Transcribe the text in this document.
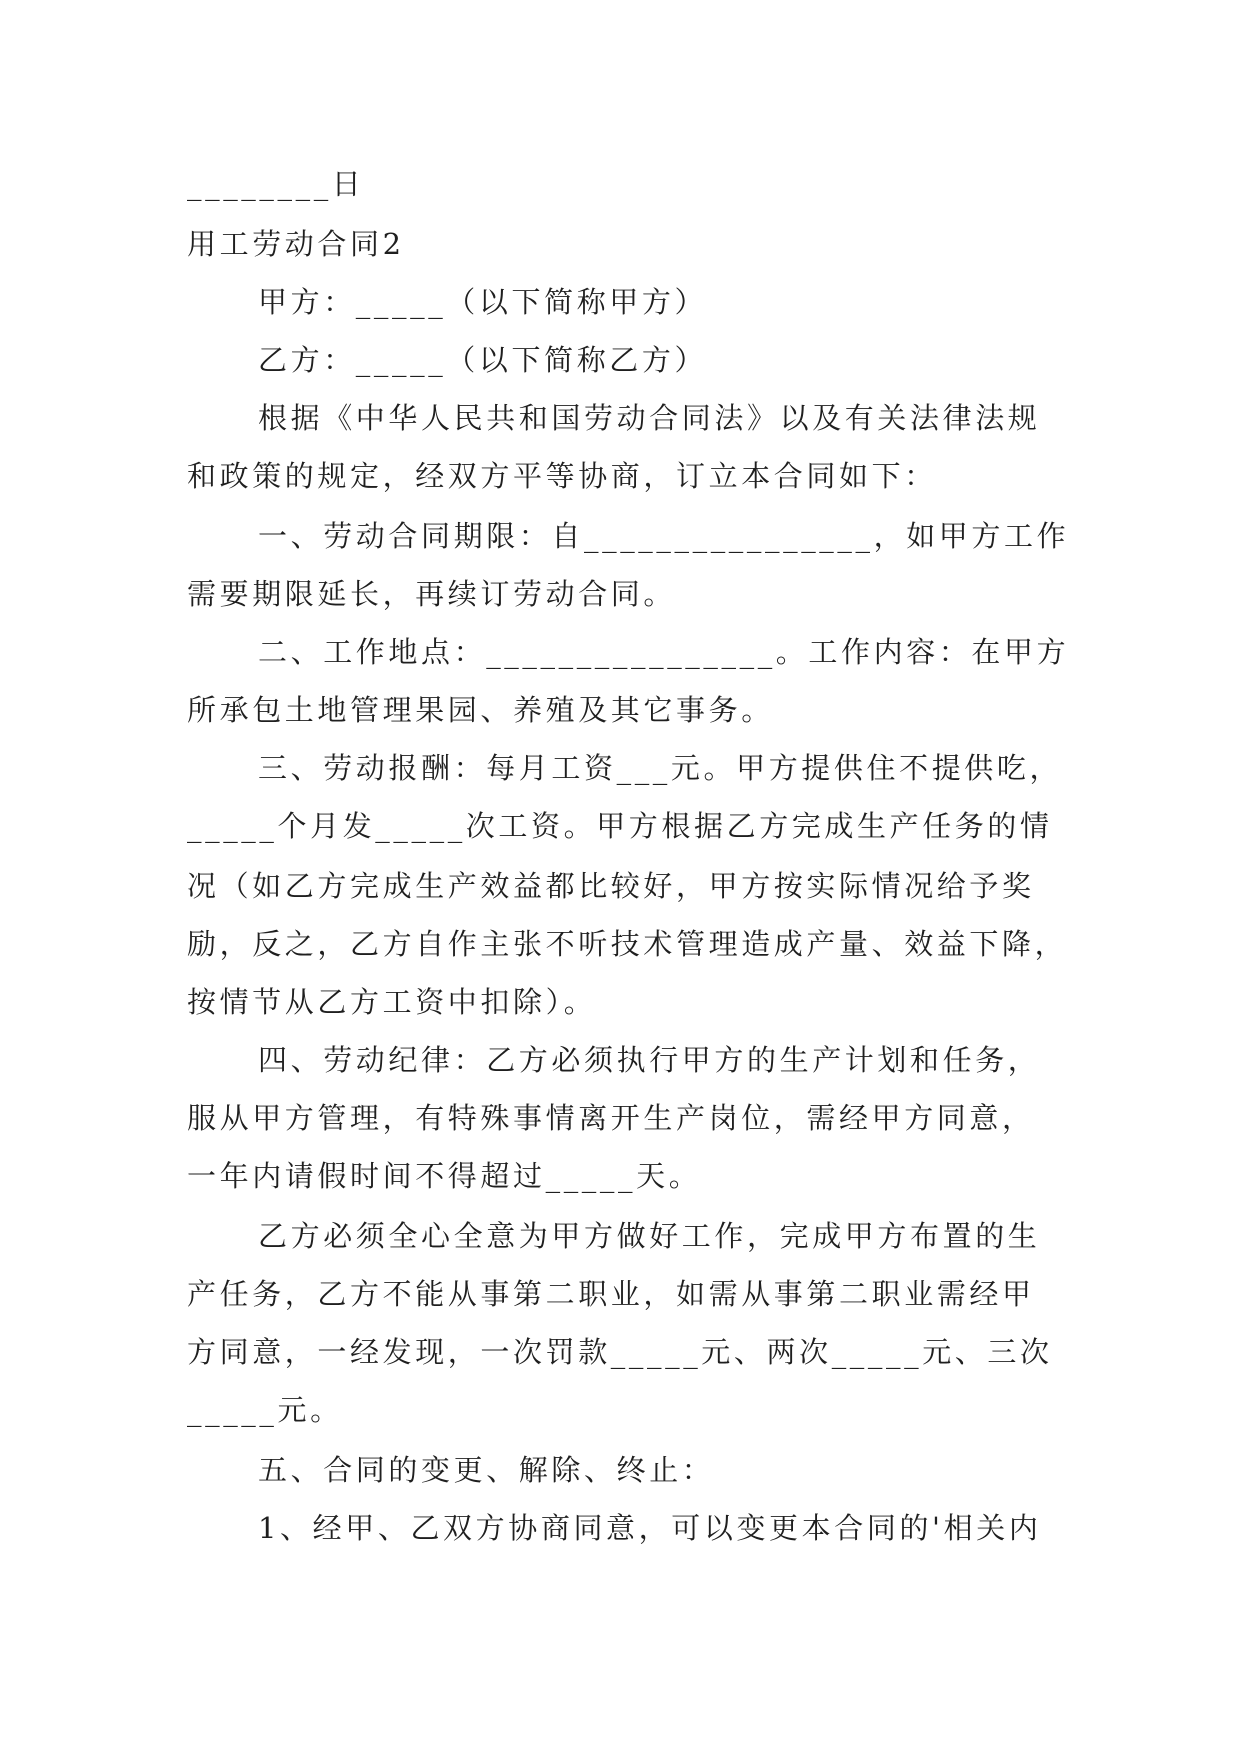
________日
用工劳动合同2
甲方：_____（以下简称甲方）
乙方：_____（以下简称乙方）
根据《中华人民共和国劳动合同法》以及有关法律法规
和政策的规定，经双方平等协商，订立本合同如下：
一、劳动合同期限：自________________，如甲方工作
需要期限延长，再续订劳动合同。
二、工作地点：________________。工作内容：在甲方
所承包土地管理果园、养殖及其它事务。
三、劳动报酬：每月工资___元。甲方提供住不提供吃，
_____个月发_____次工资。甲方根据乙方完成生产任务的情
况（如乙方完成生产效益都比较好，甲方按实际情况给予奖
励，反之，乙方自作主张不听技术管理造成产量、效益下降，
按情节从乙方工资中扣除）。
四、劳动纪律：乙方必须执行甲方的生产计划和任务，
服从甲方管理，有特殊事情离开生产岗位，需经甲方同意，
一年内请假时间不得超过_____天。
乙方必须全心全意为甲方做好工作，完成甲方布置的生
产任务，乙方不能从事第二职业，如需从事第二职业需经甲
方同意，一经发现，一次罚款_____元、两次_____元、三次
_____元。
五、合同的变更、解除、终止：
1、经甲、乙双方协商同意，可以变更本合同的'相关内
